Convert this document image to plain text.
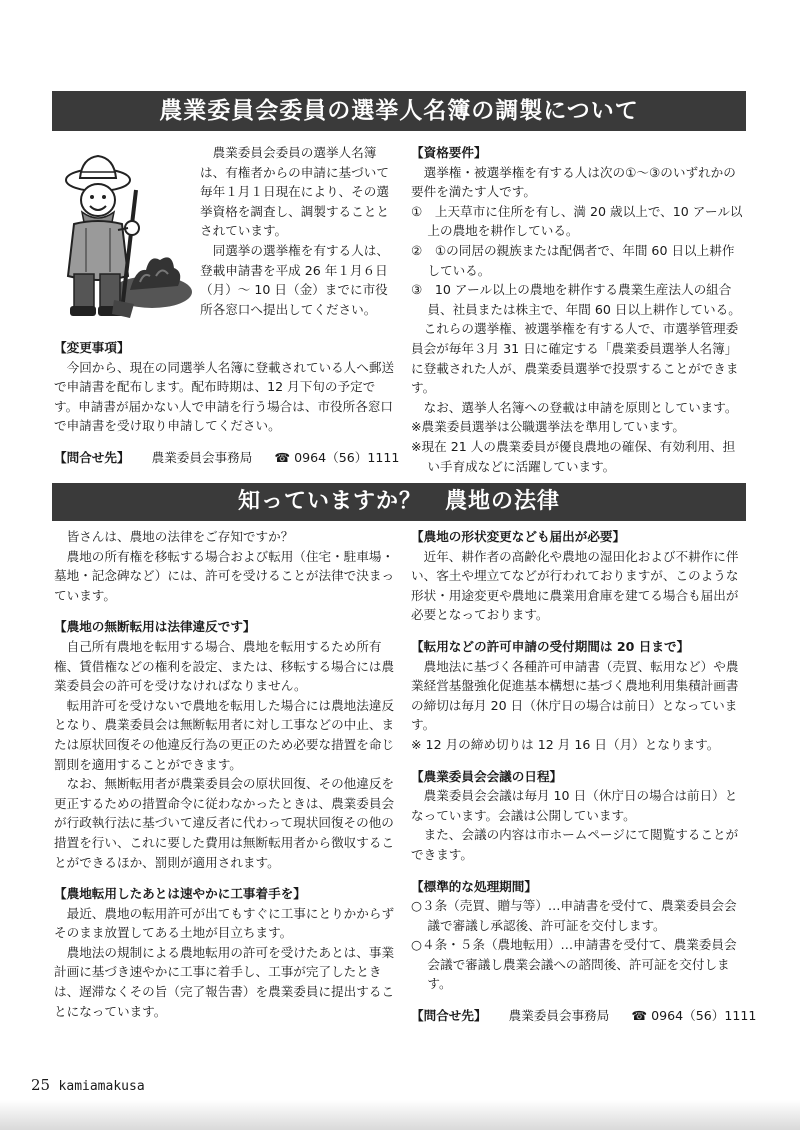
農業委員会委員の選挙人名簿の調製について

農業委員会委員の選挙人名簿は、有権者からの申請に基づいて毎年１月１日現在により、その選挙資格を調査し、調製することとされています。

同選挙の選挙権を有する人は、登載申請書を平成 26 年１月６日（月）～ 10 日（金）までに市役所各窓口へ提出してください。

【変更事項】

今回から、現在の同選挙人名簿に登載されている人へ郵送で申請書を配布します。配布時期は、12 月下旬の予定です。申請書が届かない人で申請を行う場合は、市役所各窓口で申請書を受け取り申請してください。

【問合せ先】 農業委員会事務局 ☎ 0964（56）1111

【資格要件】

選挙権・被選挙権を有する人は次の①～③のいずれかの要件を満たす人です。

①　上天草市に住所を有し、満 20 歳以上で、10 アール以上の農地を耕作している。

②　①の同居の親族または配偶者で、年間 60 日以上耕作している。

③　10 アール以上の農地を耕作する農業生産法人の組合員、社員または株主で、年間 60 日以上耕作している。

これらの選挙権、被選挙権を有する人で、市選挙管理委員会が毎年３月 31 日に確定する「農業委員選挙人名簿」に登載された人が、農業委員選挙で投票することができます。

なお、選挙人名簿への登載は申請を原則としています。

※農業委員選挙は公職選挙法を準用しています。

※現在 21 人の農業委員が優良農地の確保、有効利用、担い手育成などに活躍しています。

知っていますか？　農地の法律

皆さんは、農地の法律をご存知ですか？

農地の所有権を移転する場合および転用（住宅・駐車場・墓地・記念碑など）には、許可を受けることが法律で決まっています。

【農地の無断転用は法律違反です】

自己所有農地を転用する場合、農地を転用するため所有権、賃借権などの権利を設定、または、移転する場合には農業委員会の許可を受けなければなりません。

転用許可を受けないで農地を転用した場合には農地法違反となり、農業委員会は無断転用者に対し工事などの中止、または原状回復その他違反行為の更正のため必要な措置を命じ罰則を適用することができます。

なお、無断転用者が農業委員会の原状回復、その他違反を更正するための措置命令に従わなかったときは、農業委員会が行政執行法に基づいて違反者に代わって現状回復その他の措置を行い、これに要した費用は無断転用者から徴収することができるほか、罰則が適用されます。

【農地転用したあとは速やかに工事着手を】

最近、農地の転用許可が出てもすぐに工事にとりかからずそのまま放置してある土地が目立ちます。

農地法の規制による農地転用の許可を受けたあとは、事業計画に基づき速やかに工事に着手し、工事が完了したときは、遅滞なくその旨（完了報告書）を農業委員に提出することになっています。

【農地の形状変更なども届出が必要】

近年、耕作者の高齢化や農地の湿田化および不耕作に伴い、客土や埋立てなどが行われておりますが、このような形状・用途変更や農地に農業用倉庫を建てる場合も届出が必要となっております。

【転用などの許可申請の受付期間は 20 日まで】

農地法に基づく各種許可申請書（売買、転用など）や農業経営基盤強化促進基本構想に基づく農地利用集積計画書の締切は毎月 20 日（休庁日の場合は前日）となっています。

※ 12 月の締め切りは 12 月 16 日（月）となります。

【農業委員会会議の日程】

農業委員会会議は毎月 10 日（休庁日の場合は前日）となっています。会議は公開しています。

また、会議の内容は市ホームページにて閲覧することができます。

【標準的な処理期間】

○３条（売買、贈与等）…申請書を受付て、農業委員会会議で審議し承認後、許可証を交付します。

○４条・５条（農地転用）…申請書を受付て、農業委員会会議で審議し農業会議への諮問後、許可証を交付します。

【問合せ先】 農業委員会事務局 ☎ 0964（56）1111

25 kamiamakusa
